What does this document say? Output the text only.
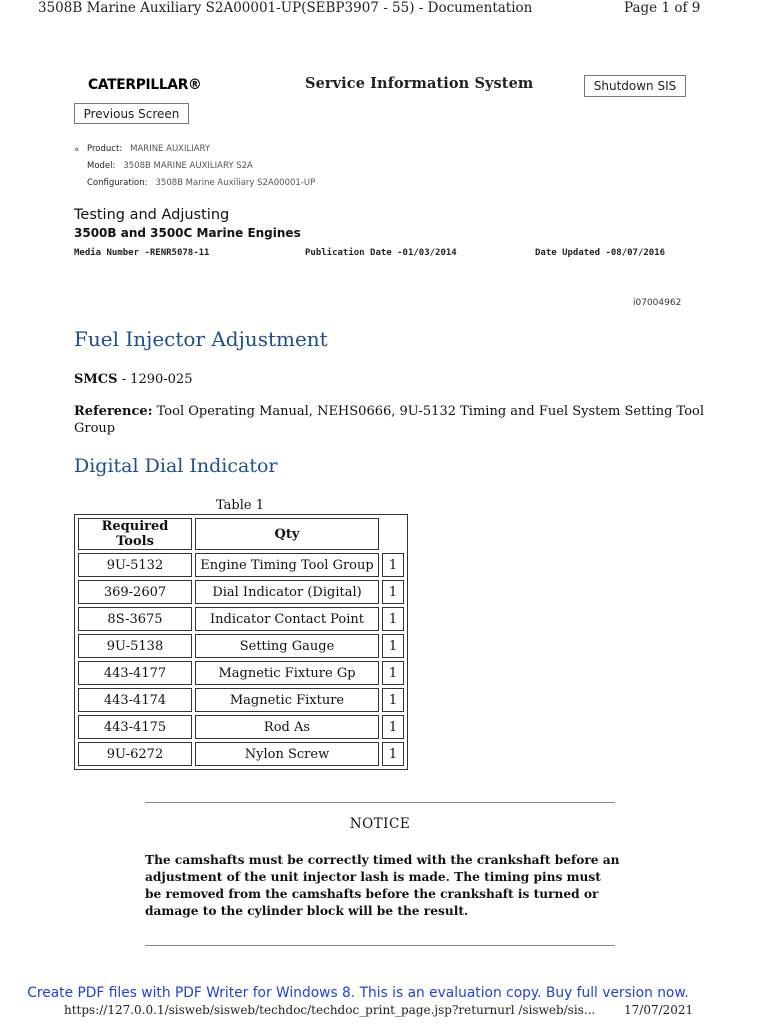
3508B Marine Auxiliary S2A00001-UP(SEBP3907 - 55) - Documentation	Page 1 of 9
CATERPILLAR®	Service Information System	Shutdown SIS
Previous Screen
« Product: MARINE AUXILIARY
Model: 3508B MARINE AUXILIARY S2A
Configuration: 3508B Marine Auxiliary S2A00001-UP
Testing and Adjusting
3500B and 3500C Marine Engines
Media Number -RENR5078-11	Publication Date -01/03/2014	Date Updated -08/07/2016
i07004962
Fuel Injector Adjustment
SMCS - 1290-025
Reference: Tool Operating Manual, NEHS0666, 9U-5132 Timing and Fuel System Setting Tool Group
Digital Dial Indicator
Table 1
Required Tools	Qty	
9U-5132	Engine Timing Tool Group	1
369-2607	Dial Indicator (Digital)	1
8S-3675	Indicator Contact Point	1
9U-5138	Setting Gauge	1
443-4177	Magnetic Fixture Gp	1
443-4174	Magnetic Fixture	1
443-4175	Rod As	1
9U-6272	Nylon Screw	1
NOTICE
The camshafts must be correctly timed with the crankshaft before an adjustment of the unit injector lash is made. The timing pins must be removed from the camshafts before the crankshaft is turned or damage to the cylinder block will be the result.
Create PDF files with PDF Writer for Windows 8. This is an evaluation copy. Buy full version now.
https://127.0.0.1/sisweb/sisweb/techdoc/techdoc_print_page.jsp?returnurl /sisweb/sis... 17/07/2021
